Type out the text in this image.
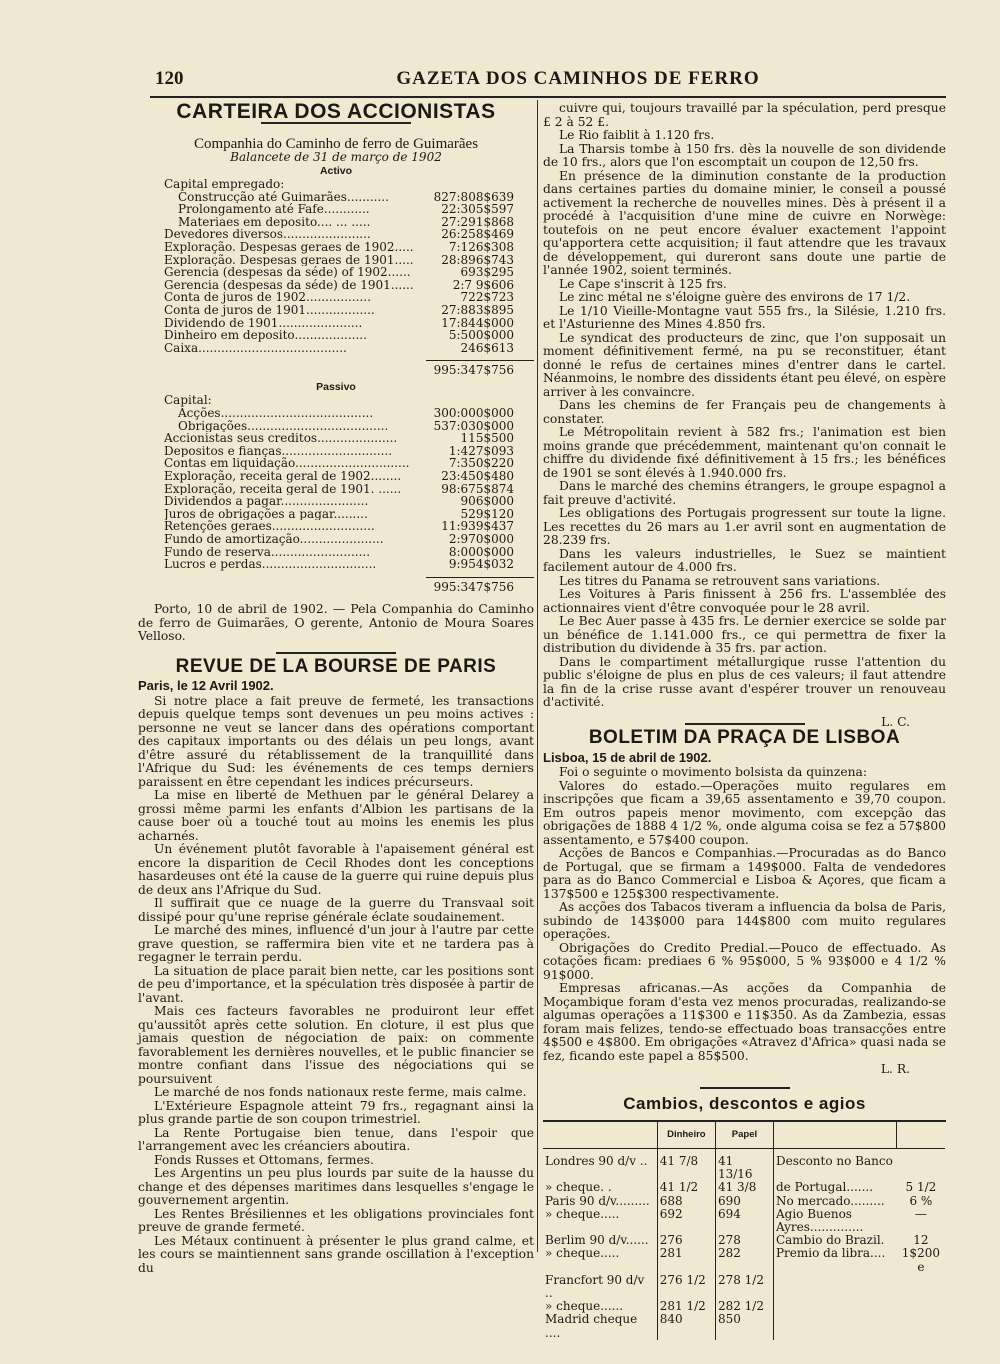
120	GAZETA DOS CAMINHOS DE FERRO
CARTEIRA DOS ACCIONISTAS
Companhia do Caminho de ferro de Guimarães
Balancete de 31 de março de 1902
Activo
Capital empregado:
Construcção até Guimarães...........	827:808$639
Prolongamento até Fafe............	22:305$597
Materiaes em deposito.... ... .....	27:291$868
Devedores diversos.......................	26:258$469
Exploração. Despesas geraes de 1902.....	7:126$308
Exploração. Despesas geraes de 1901.....	28:896$743
Gerencia (despesas da séde) of 1902......	693$295
Gerencia (despesas da séde) de 1901......	2:7 9$606
Conta de juros de 1902.................	722$723
Conta de juros de 1901..................	27:883$895
Dividendo de 1901......................	17:844$000
Dinheiro em deposito...................	5:500$000
Caixa.......................................	246$613
995:347$756
Passivo
Capital:
Acções........................................	300:000$000
Obrigações.....................................	537:030$000
Accionistas seus creditos.....................	115$500
Depositos e fianças.............................	1:427$093
Contas em liquidação..............................	7:350$220
Exploração, receita geral de 1902........	23:450$480
Exploração, receita geral de 1901. ......	98:675$874
Dividendos a pagar.......................	906$000
Juros de obrigações a pagar.........	529$120
Retenções geraes...........................	11:939$437
Fundo de amortização......................	2:970$000
Fundo de reserva..........................	8:000$000
Lucros e perdas..............................	9:954$032
995:347$756

Porto, 10 de abril de 1902. — Pela Companhia do Caminho de ferro de Guimarães, O gerente, Antonio de Moura Soares Velloso.

REVUE DE LA BOURSE DE PARIS
Paris, le 12 Avril 1902.

Si notre place a fait preuve de fermeté, les transactions depuis quelque temps sont devenues un peu moins actives : personne ne veut se lancer dans des opérations comportant des capitaux importants ou des délais un peu longs, avant d'être assuré du rétablissement de la tranquillité dans l'Afrique du Sud: les événements de ces temps derniers paraissent en être cependant les indices précurseurs.

La mise en liberté de Methuen par le général Delarey a grossi même parmi les enfants d'Albion les partisans de la cause boer où a touché tout au moins les enemis les plus acharnés.

Un événement plutôt favorable à l'apaisement général est encore la disparition de Cecil Rhodes dont les conceptions hasardeuses ont été la cause de la guerre qui ruine depuis plus de deux ans l'Afrique du Sud.

Il suffirait que ce nuage de la guerre du Transvaal soit dissipé pour qu'une reprise générale éclate soudainement.

Le marché des mines, influencé d'un jour à l'autre par cette grave question, se raffermira bien vite et ne tardera pas à regagner le terrain perdu.

La situation de place parait bien nette, car les positions sont de peu d'importance, et la spéculation très disposée à partir de l'avant.

Mais ces facteurs favorables ne produiront leur effet qu'aussitôt après cette solution. En cloture, il est plus que jamais question de négociation de paix: on commente favorablement les dernières nouvelles, et le public financier se montre confiant dans l'issue des négociations qui se poursuivent

Le marché de nos fonds nationaux reste ferme, mais calme.

L'Extérieure Espagnole atteint 79 frs., regagnant ainsi la plus grande partie de son coupon trimestriel.

La Rente Portugaise bien tenue, dans l'espoir que l'arrangement avec les créanciers aboutira.

Fonds Russes et Ottomans, fermes.

Les Argentins un peu plus lourds par suite de la hausse du change et des dépenses maritimes dans lesquelles s'engage le gouvernement argentin.

Les Rentes Brésiliennes et les obligations provinciales font preuve de grande fermeté.

Les Métaux continuent à présenter le plus grand calme, et les cours se maintiennent sans grande oscillation à l'exception du

cuivre qui, toujours travaillé par la spéculation, perd presque £ 2 à 52 £.

Le Rio faiblit à 1.120 frs.

La Tharsis tombe à 150 frs. dès la nouvelle de son dividende de 10 frs., alors que l'on escomptait un coupon de 12,50 frs.

En présence de la diminution constante de la production dans certaines parties du domaine minier, le conseil a poussé activement la recherche de nouvelles mines. Dès à présent il a procédé à l'acquisition d'une mine de cuivre en Norwège: toutefois on ne peut encore évaluer exactement l'appoint qu'apportera cette acquisition; il faut attendre que les travaux de développement, qui dureront sans doute une partie de l'année 1902, soient terminés.

Le Cape s'inscrit à 125 frs.

Le zinc métal ne s'éloigne guère des environs de 17 1/2.

Le 1/10 Vieille-Montagne vaut 555 frs., la Silésie, 1.210 frs. et l'Asturienne des Mines 4.850 frs.

Le syndicat des producteurs de zinc, que l'on supposait un moment définitivement fermé, na pu se reconstituer, étant donné le refus de certaines mines d'entrer dans le cartel. Néanmoins, le nombre des dissidents étant peu élevé, on espère arriver à les convaincre.

Dans les chemins de fer Français peu de changements à constater.

Le Métropolitain revient à 582 frs.; l'animation est bien moins grande que précédemment, maintenant qu'on connait le chiffre du dividende fixé définitivement à 15 frs.; les bénéfices de 1901 se sont élevés à 1.940.000 frs.

Dans le marché des chemins étrangers, le groupe espagnol a fait preuve d'activité.

Les obligations des Portugais progressent sur toute la ligne. Les recettes du 26 mars au 1.er avril sont en augmentation de 28.239 frs.

Dans les valeurs industrielles, le Suez se maintient facilement autour de 4.000 frs.

Les titres du Panama se retrouvent sans variations.

Les Voitures à Paris finissent à 256 frs. L'assemblée des actionnaires vient d'être convoquée pour le 28 avril.

Le Bec Auer passe à 435 frs. Le dernier exercice se solde par un bénéfice de 1.141.000 frs., ce qui permettra de fixer la distribution du dividende à 35 frs. par action.

Dans le compartiment métallurgique russe l'attention du public s'éloigne de plus en plus de ces valeurs; il faut attendre la fin de la crise russe avant d'espérer trouver un renouveau d'activité.

L. C.
BOLETIM DA PRAÇA DE LISBOA
Lisboa, 15 de abril de 1902.

Foi o seguinte o movimento bolsista da quinzena:

Valores do estado.—Operações muito regulares em inscripções que ficam a 39,65 assentamento e 39,70 coupon. Em outros papeis menor movimento, com excepção das obrigações de 1888 4 1/2 %, onde alguma coisa se fez a 57$800 assentamento, e 57$400 coupon.

Acções de Bancos e Companhias.—Procuradas as do Banco de Portugal, que se firmam a 149$000. Falta de vendedores para as do Banco Commercial e Lisboa & Açores, que ficam a 137$500 e 125$300 respectivamente.

As acções dos Tabacos tiveram a influencia da bolsa de Paris, subindo de 143$000 para 144$800 com muito regulares operações.

Obrigações do Credito Predial.—Pouco de effectuado. As cotações ficam: prediaes 6 % 95$000, 5 % 93$000 e 4 1/2 % 91$000.

Empresas africanas.—As acções da Companhia de Moçambique foram d'esta vez menos procuradas, realizando-se algumas operações a 11$300 e 11$350. As da Zambezia, essas foram mais felizes, tendo-se effectuado boas transacções entre 4$500 e 4$800. Em obrigações «Atravez d'Africa» quasi nada se fez, ficando este papel a 85$500.

L. R.
Cambios, descontos e agios
	Dinheiro	Papel		
Londres 90 d/v ..	41 7/8	41 13/16	Desconto no Banco	
» cheque. .	41 1/2	41 3/8	de Portugal.......	5 1/2
Paris 90 d/v.........	688	690	No mercado.........	6 %
» cheque.....	692	694	Agio Buenos Ayres..............	—
Berlim 90 d/v......	276	278	Cambio do Brazil.	12
» cheque.....	281	282	Premio da libra....	1$200 e
Francfort 90 d/v ..	276 1/2	278 1/2		
» cheque......	281 1/2	282 1/2		
Madrid cheque ....	840	850		
